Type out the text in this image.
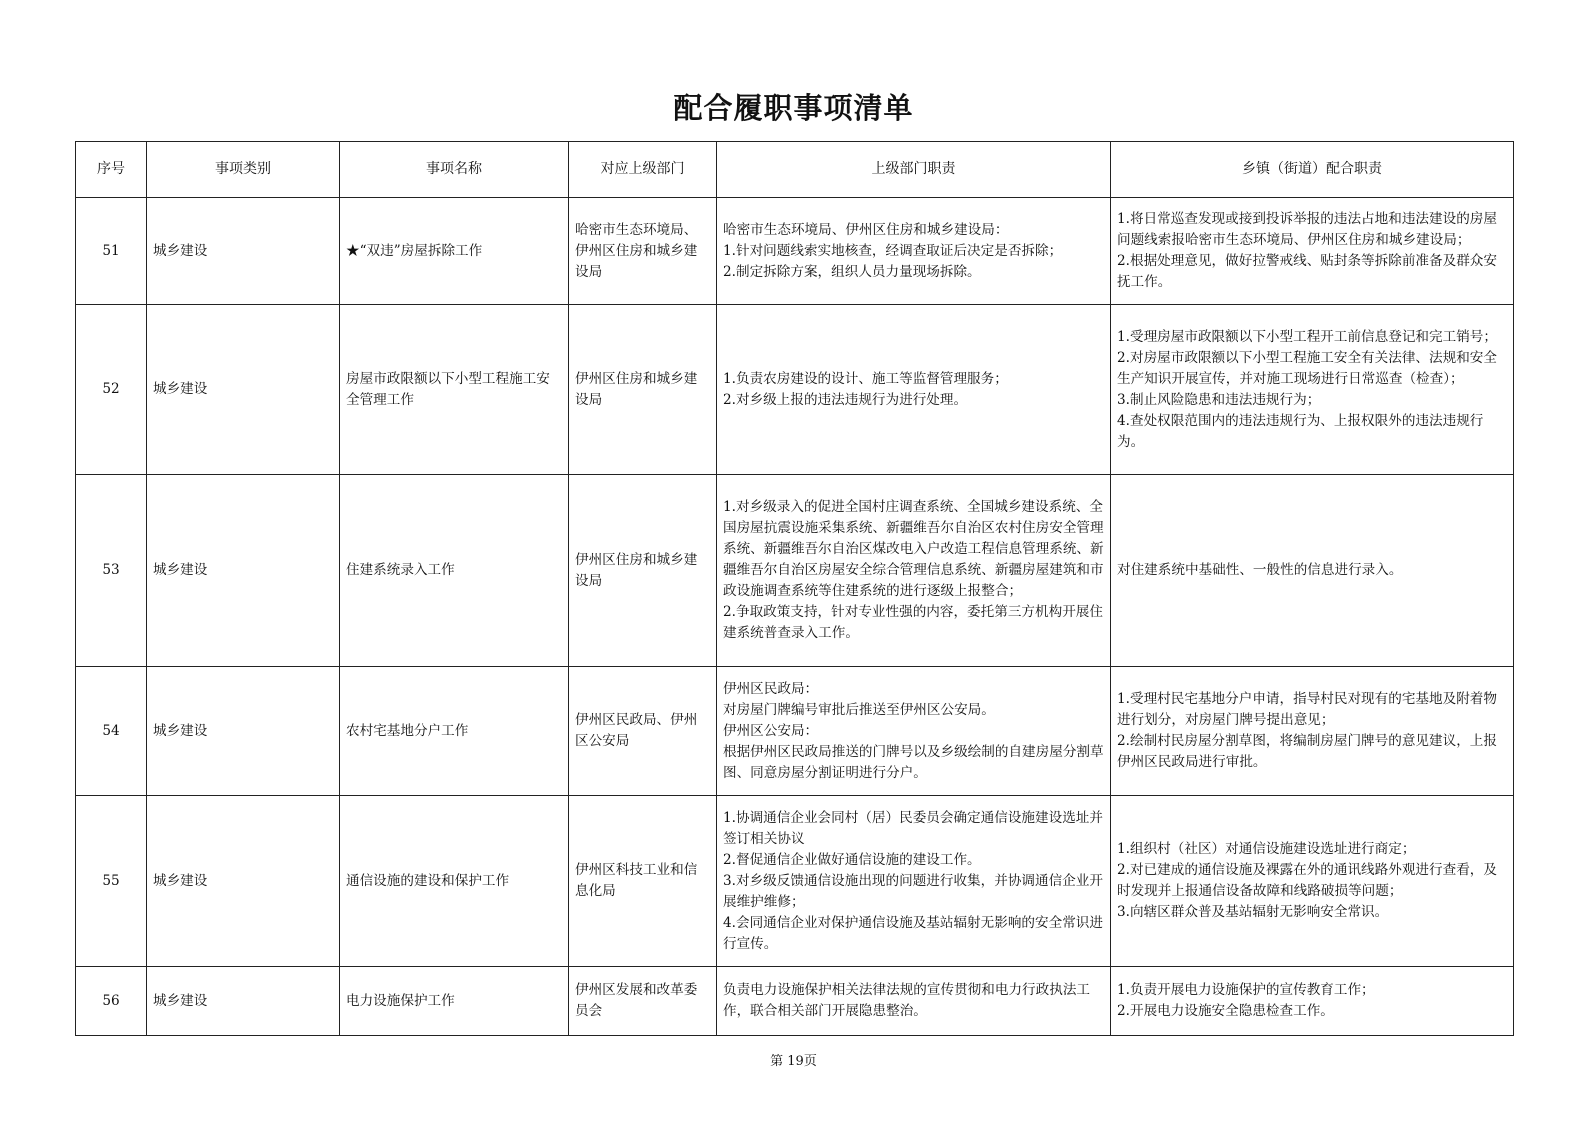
配合履职事项清单
序号	事项类别	事项名称	对应上级部门	上级部门职责	乡镇（街道）配合职责
51	城乡建设	★“双违”房屋拆除工作	哈密市生态环境局、伊州区住房和城乡建设局	哈密市生态环境局、伊州区住房和城乡建设局：
1.针对问题线索实地核查，经调查取证后决定是否拆除；
2.制定拆除方案，组织人员力量现场拆除。	1.将日常巡查发现或接到投诉举报的违法占地和违法建设的房屋问题线索报哈密市生态环境局、伊州区住房和城乡建设局；
2.根据处理意见，做好拉警戒线、贴封条等拆除前准备及群众安抚工作。

52	城乡建设	房屋市政限额以下小型工程施工安全管理工作	伊州区住房和城乡建设局	1.负责农房建设的设计、施工等监督管理服务；
2.对乡级上报的违法违规行为进行处理。	1.受理房屋市政限额以下小型工程开工前信息登记和完工销号；
2.对房屋市政限额以下小型工程施工安全有关法律、法规和安全生产知识开展宣传，并对施工现场进行日常巡查（检查）；
3.制止风险隐患和违法违规行为；
4.查处权限范围内的违法违规行为、上报权限外的违法违规行为。

53	城乡建设	住建系统录入工作	伊州区住房和城乡建设局	1.对乡级录入的促进全国村庄调查系统、全国城乡建设系统、全国房屋抗震设施采集系统、新疆维吾尔自治区农村住房安全管理系统、新疆维吾尔自治区煤改电入户改造工程信息管理系统、新疆维吾尔自治区房屋安全综合管理信息系统、新疆房屋建筑和市政设施调查系统等住建系统的进行逐级上报整合；
2.争取政策支持，针对专业性强的内容，委托第三方机构开展住建系统普查录入工作。	对住建系统中基础性、一般性的信息进行录入。

54	城乡建设	农村宅基地分户工作	伊州区民政局、伊州区公安局	伊州区民政局：
对房屋门牌编号审批后推送至伊州区公安局。
伊州区公安局：
根据伊州区民政局推送的门牌号以及乡级绘制的自建房屋分割草图、同意房屋分割证明进行分户。	1.受理村民宅基地分户申请，指导村民对现有的宅基地及附着物进行划分，对房屋门牌号提出意见；
2.绘制村民房屋分割草图，将编制房屋门牌号的意见建议，上报伊州区民政局进行审批。

55	城乡建设	通信设施的建设和保护工作	伊州区科技工业和信息化局	1.协调通信企业会同村（居）民委员会确定通信设施建设选址并签订相关协议
2.督促通信企业做好通信设施的建设工作。
3.对乡级反馈通信设施出现的问题进行收集，并协调通信企业开展维护维修；
4.会同通信企业对保护通信设施及基站辐射无影响的安全常识进行宣传。	1.组织村（社区）对通信设施建设选址进行商定；
2.对已建成的通信设施及裸露在外的通讯线路外观进行查看，及时发现并上报通信设备故障和线路破损等问题；
3.向辖区群众普及基站辐射无影响安全常识。

56	城乡建设	电力设施保护工作	伊州区发展和改革委员会	负责电力设施保护相关法律法规的宣传贯彻和电力行政执法工作，联合相关部门开展隐患整治。	1.负责开展电力设施保护的宣传教育工作；
2.开展电力设施安全隐患检查工作。
第 19页
